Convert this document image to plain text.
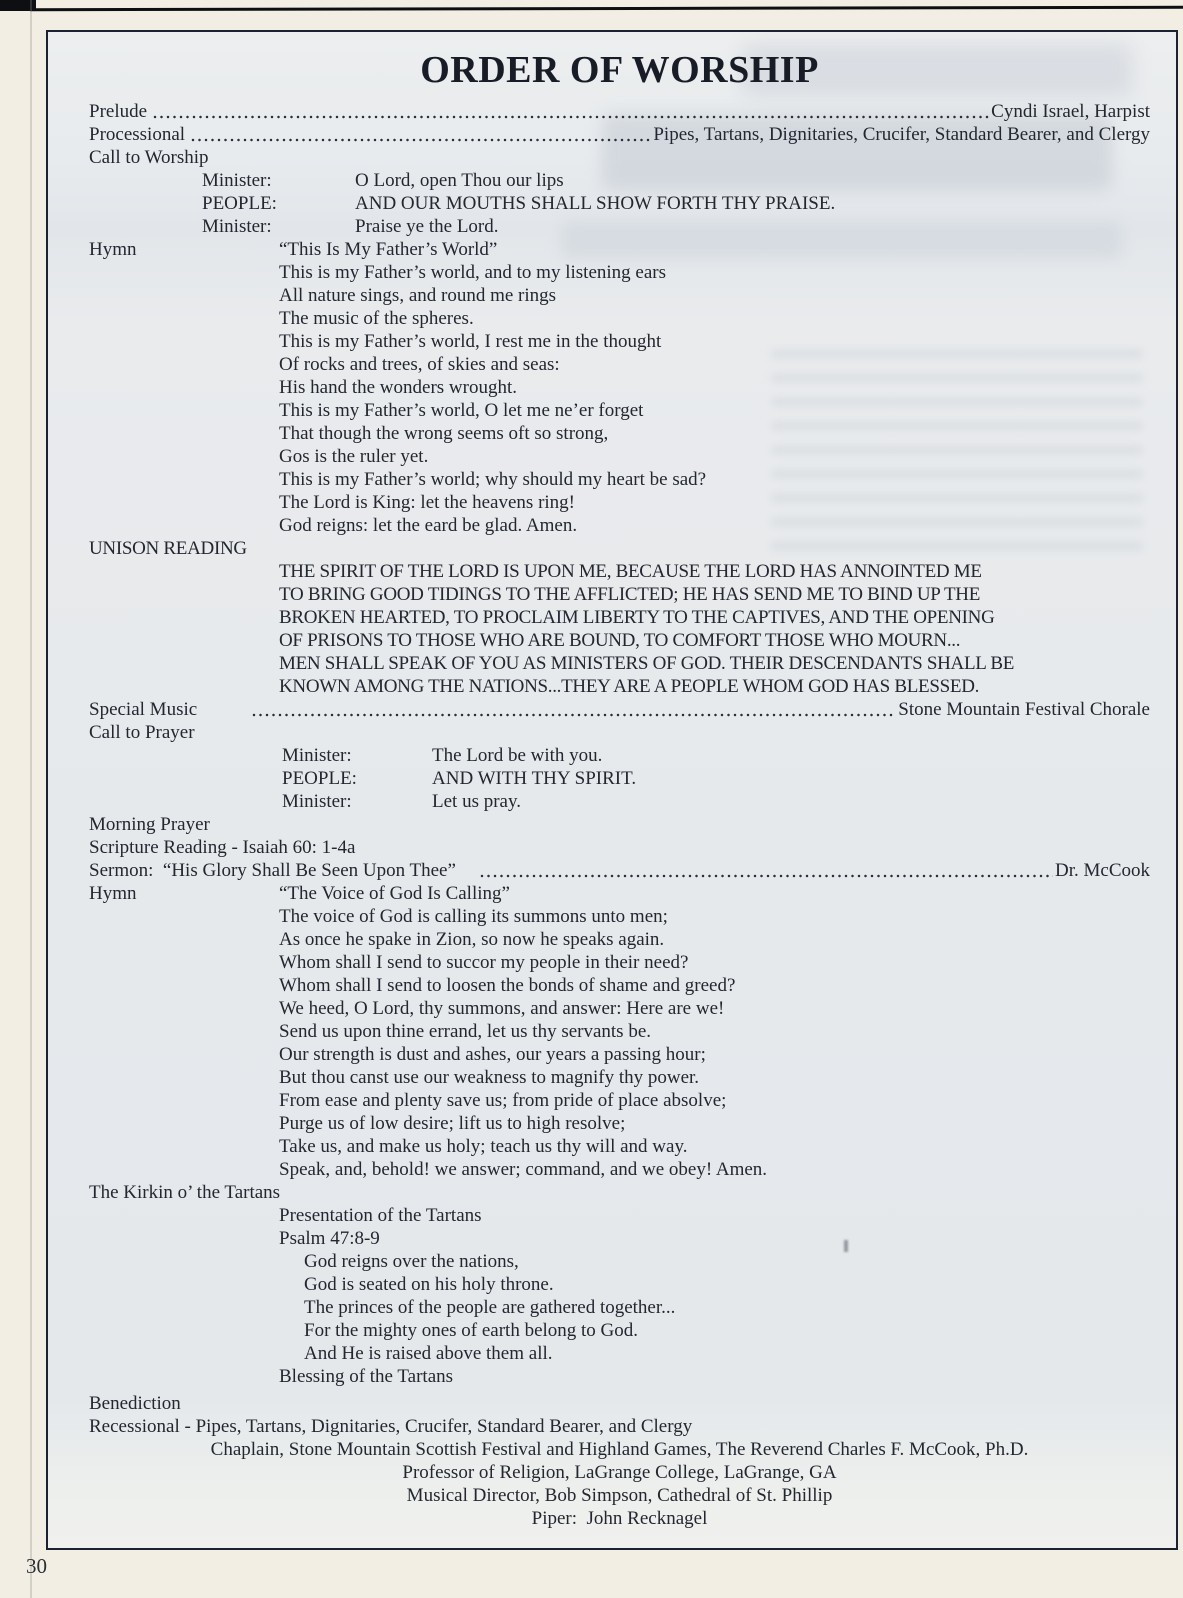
ORDER OF WORSHIP
Prelude	Cyndi Israel, Harpist
Processional	Pipes, Tartans, Dignitaries, Crucifer, Standard Bearer, and Clergy
Call to Worship
Minister:	O Lord, open Thou our lips
PEOPLE:	AND OUR MOUTHS SHALL SHOW FORTH THY PRAISE.
Minister:	Praise ye the Lord.
Hymn	“This Is My Father’s World”
This is my Father’s world, and to my listening ears
All nature sings, and round me rings
The music of the spheres.
This is my Father’s world, I rest me in the thought
Of rocks and trees, of skies and seas:
His hand the wonders wrought.
This is my Father’s world, O let me ne’er forget
That though the wrong seems oft so strong,
Gos is the ruler yet.
This is my Father’s world; why should my heart be sad?
The Lord is King: let the heavens ring!
God reigns: let the eard be glad. Amen.
UNISON READING
THE SPIRIT OF THE LORD IS UPON ME, BECAUSE THE LORD HAS ANNOINTED ME
TO BRING GOOD TIDINGS TO THE AFFLICTED; HE HAS SEND ME TO BIND UP THE
BROKEN HEARTED, TO PROCLAIM LIBERTY TO THE CAPTIVES, AND THE OPENING
OF PRISONS TO THOSE WHO ARE BOUND, TO COMFORT THOSE WHO MOURN...
MEN SHALL SPEAK OF YOU AS MINISTERS OF GOD. THEIR DESCENDANTS SHALL BE
KNOWN AMONG THE NATIONS...THEY ARE A PEOPLE WHOM GOD HAS BLESSED.
Special Music	Stone Mountain Festival Chorale
Call to Prayer
Minister:	The Lord be with you.
PEOPLE:	AND WITH THY SPIRIT.
Minister:	Let us pray.
Morning Prayer
Scripture Reading - Isaiah 60: 1-4a
Sermon:  “His Glory Shall Be Seen Upon Thee”	Dr. McCook
Hymn	“The Voice of God Is Calling”
The voice of God is calling its summons unto men;
As once he spake in Zion, so now he speaks again.
Whom shall I send to succor my people in their need?
Whom shall I send to loosen the bonds of shame and greed?
We heed, O Lord, thy summons, and answer: Here are we!
Send us upon thine errand, let us thy servants be.
Our strength is dust and ashes, our years a passing hour;
But thou canst use our weakness to magnify thy power.
From ease and plenty save us; from pride of place absolve;
Purge us of low desire; lift us to high resolve;
Take us, and make us holy; teach us thy will and way.
Speak, and, behold! we answer; command, and we obey! Amen.
The Kirkin o’ the Tartans
Presentation of the Tartans
Psalm 47:8-9
God reigns over the nations,
God is seated on his holy throne.
The princes of the people are gathered together...
For the mighty ones of earth belong to God.
And He is raised above them all.
Blessing of the Tartans
Benediction
Recessional - Pipes, Tartans, Dignitaries, Crucifer, Standard Bearer, and Clergy
Chaplain, Stone Mountain Scottish Festival and Highland Games, The Reverend Charles F. McCook, Ph.D.
Professor of Religion, LaGrange College, LaGrange, GA
Musical Director, Bob Simpson, Cathedral of St. Phillip
Piper:  John Recknagel
30
